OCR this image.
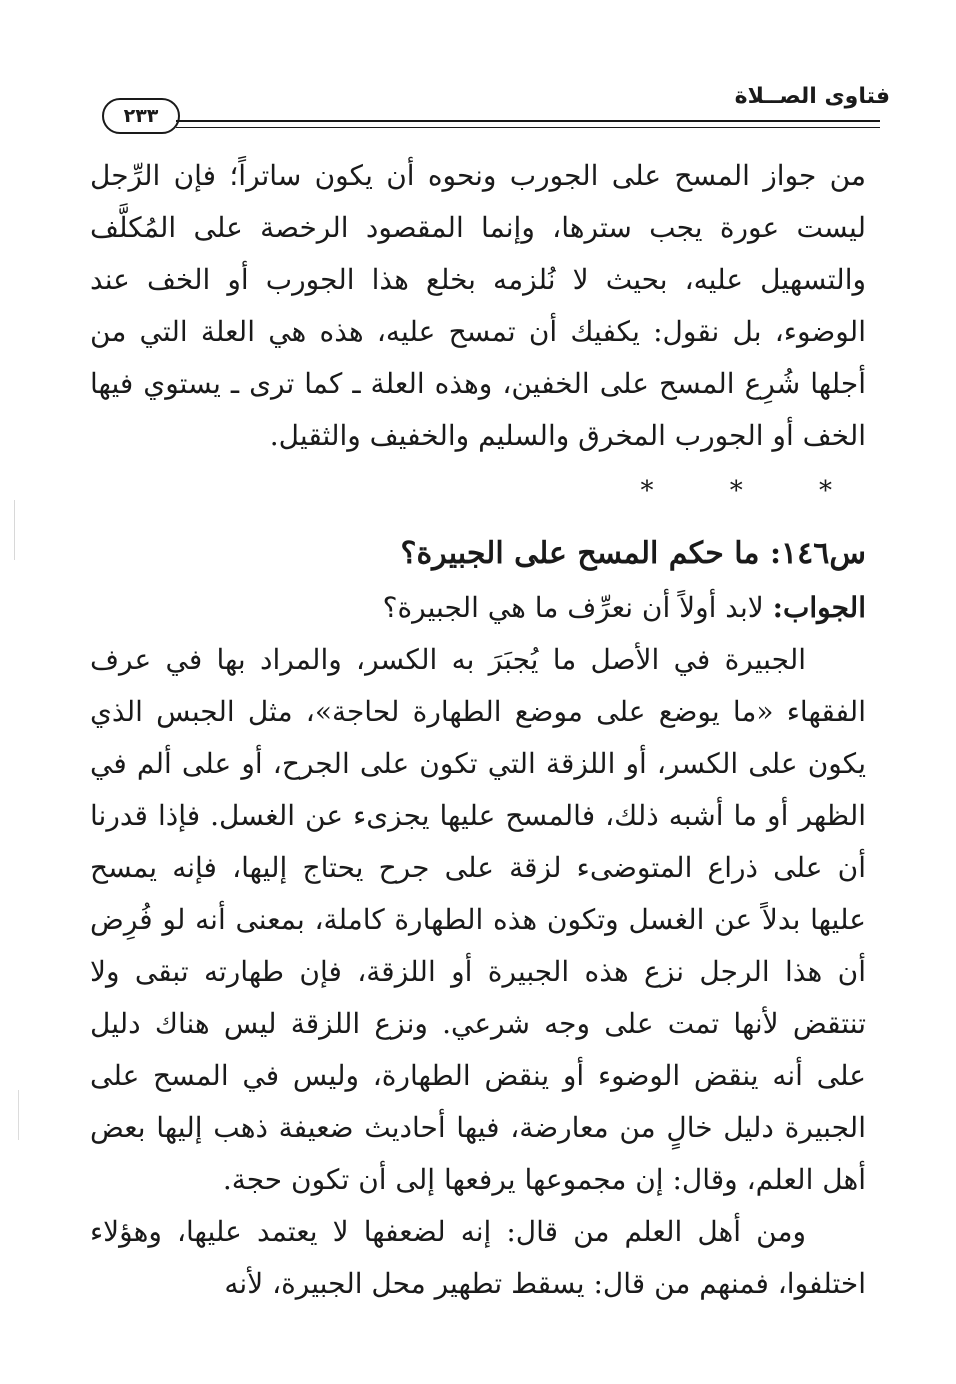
فتاوى الصــلاة
٢٣٣

من جواز المسح على الجورب ونحوه أن يكون ساتراً؛ فإن الرِّجل ليست عورة يجب سترها، وإنما المقصود الرخصة على المُكلَّف والتسهيل عليه، بحيث لا نُلزمه بخلع هذا الجورب أو الخف عند الوضوء، بل نقول: يكفيك أن تمسح عليه، هذه هي العلة التي من أجلها شُرِع المسح على الخفين، وهذه العلة ـ كما ترى ـ يستوي فيها الخف أو الجورب المخرق والسليم والخفيف والثقيل.

* * *

س١٤٦: ما حكم المسح على الجبيرة؟

الجواب: لابد أولاً أن نعرِّف ما هي الجبيرة؟

الجبيرة في الأصل ما يُجبَرَ به الكسر، والمراد بها في عرف الفقهاء «ما يوضع على موضع الطهارة لحاجة»، مثل الجبس الذي يكون على الكسر، أو اللزقة التي تكون على الجرح، أو على ألم في الظهر أو ما أشبه ذلك، فالمسح عليها يجزىء عن الغسل. فإذا قدرنا أن على ذراع المتوضىء لزقة على جرح يحتاج إليها، فإنه يمسح عليها بدلاً عن الغسل وتكون هذه الطهارة كاملة، بمعنى أنه لو فُرِض أن هذا الرجل نزع هذه الجبيرة أو اللزقة، فإن طهارته تبقى ولا تنتقض لأنها تمت على وجه شرعي. ونزع اللزقة ليس هناك دليل على أنه ينقض الوضوء أو ينقض الطهارة، وليس في المسح على الجبيرة دليل خالٍ من معارضة، فيها أحاديث ضعيفة ذهب إليها بعض أهل العلم، وقال: إن مجموعها يرفعها إلى أن تكون حجة.

ومن أهل العلم من قال: إنه لضعفها لا يعتمد عليها، وهؤلاء اختلفوا، فمنهم من قال: يسقط تطهير محل الجبيرة، لأنه
